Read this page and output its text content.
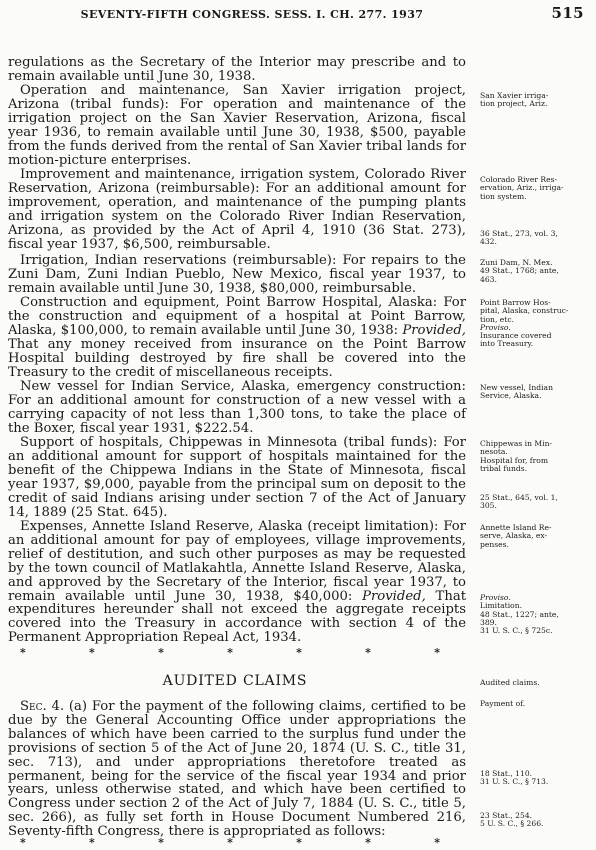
SEVENTY-FIFTH CONGRESS. SESS. I. CH. 277. 1937	515

regulations as the Secretary of the Interior may prescribe and to remain available until June 30, 1938.

Operation and maintenance, San Xavier irrigation project, Arizona (tribal funds): For operation and maintenance of the irrigation project on the San Xavier Reservation, Arizona, fiscal year 1936, to remain available until June 30, 1938, $500, payable from the funds derived from the rental of San Xavier tribal lands for motion-picture enterprises.

Improvement and maintenance, irrigation system, Colorado River Reservation, Arizona (reimbursable): For an additional amount for improvement, operation, and maintenance of the pumping plants and irrigation system on the Colorado River Indian Reservation, Arizona, as provided by the Act of April 4, 1910 (36 Stat. 273), fiscal year 1937, $6,500, reimbursable.

Irrigation, Indian reservations (reimbursable): For repairs to the Zuni Dam, Zuni Indian Pueblo, New Mexico, fiscal year 1937, to remain available until June 30, 1938, $80,000, reimbursable.

Construction and equipment, Point Barrow Hospital, Alaska: For the construction and equipment of a hospital at Point Barrow, Alaska, $100,000, to remain available until June 30, 1938: Provided, That any money received from insurance on the Point Barrow Hospital building destroyed by fire shall be covered into the Treasury to the credit of miscellaneous receipts.

New vessel for Indian Service, Alaska, emergency construction: For an additional amount for construction of a new vessel with a carrying capacity of not less than 1,300 tons, to take the place of the Boxer, fiscal year 1931, $222.54.

Support of hospitals, Chippewas in Minnesota (tribal funds): For an additional amount for support of hospitals maintained for the benefit of the Chippewa Indians in the State of Minnesota, fiscal year 1937, $9,000, payable from the principal sum on deposit to the credit of said Indians arising under section 7 of the Act of January 14, 1889 (25 Stat. 645).

Expenses, Annette Island Reserve, Alaska (receipt limitation): For an additional amount for pay of employees, village improvements, relief of destitution, and such other purposes as may be requested by the town council of Matlakahtla, Annette Island Reserve, Alaska, and approved by the Secretary of the Interior, fiscal year 1937, to remain available until June 30, 1938, $40,000: Provided, That expenditures hereunder shall not exceed the aggregate receipts covered into the Treasury in accordance with section 4 of the Permanent Appropriation Repeal Act, 1934.

*	*	*	*	*	*	*
AUDITED CLAIMS

Sec. 4. (a) For the payment of the following claims, certified to be due by the General Accounting Office under appropriations the balances of which have been carried to the surplus fund under the provisions of section 5 of the Act of June 20, 1874 (U. S. C., title 31, sec. 713), and under appropriations theretofore treated as permanent, being for the service of the fiscal year 1934 and prior years, unless otherwise stated, and which have been certified to Congress under section 2 of the Act of July 7, 1884 (U. S. C., title 5, sec. 266), as fully set forth in House Document Numbered 216, Seventy-fifth Congress, there is appropriated as follows:

*	*	*	*	*	*	*
San Xavier irriga-
tion project, Ariz.
Colorado River Res-
ervation, Ariz., irriga-
tion system.
36 Stat., 273, vol. 3,
432.
Zuni Dam, N. Mex.
49 Stat., 1768; ante,
463.
Point Barrow Hos-
pital, Alaska, construc-
tion, etc.
Proviso.
Insurance covered
into Treasury.
New vessel, Indian
Service, Alaska.
Chippewas in Min-
nesota.
Hospital for, from
tribal funds.
25 Stat., 645, vol. 1,
305.
Annette Island Re-
serve, Alaska, ex-
penses.
Proviso.
Limitation.
48 Stat., 1227; ante,
389.
31 U. S. C., § 725c.
Audited claims.
Payment of.
18 Stat., 110.
31 U. S. C., § 713.
23 Stat., 254.
5 U. S. C., § 266.
